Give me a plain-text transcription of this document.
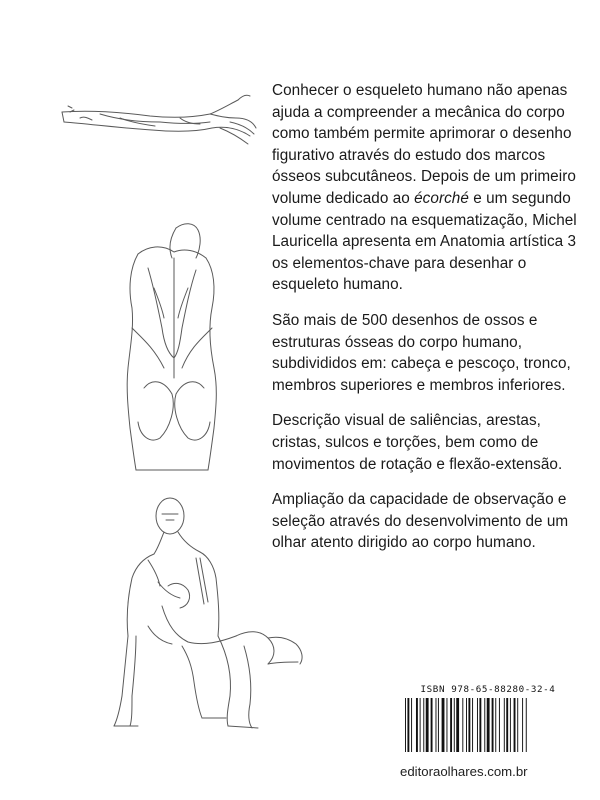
Conhecer o esqueleto humano não apenas ajuda a compreender a mecânica do corpo como também permite aprimorar o desenho figurativo através do estudo dos marcos ósseos subcutâneos. Depois de um primeiro volume dedicado ao écorché e um segundo volume centrado na esquematização, Michel Lauricella apresenta em Anatomia artística 3 os elementos-chave para desenhar o esqueleto humano.

São mais de 500 desenhos de ossos e estruturas ósseas do corpo humano, subdivididos em: cabeça e pescoço, tronco, membros superiores e membros inferiores.

Descrição visual de saliências, arestas, cristas, sulcos e torções, bem como de movimentos de rotação e flexão-extensão.

Ampliação da capacidade de observação e seleção através do desenvolvimento de um olhar atento dirigido ao corpo humano.

ISBN 978-65-88280-32-4
editoraolhares.com.br
